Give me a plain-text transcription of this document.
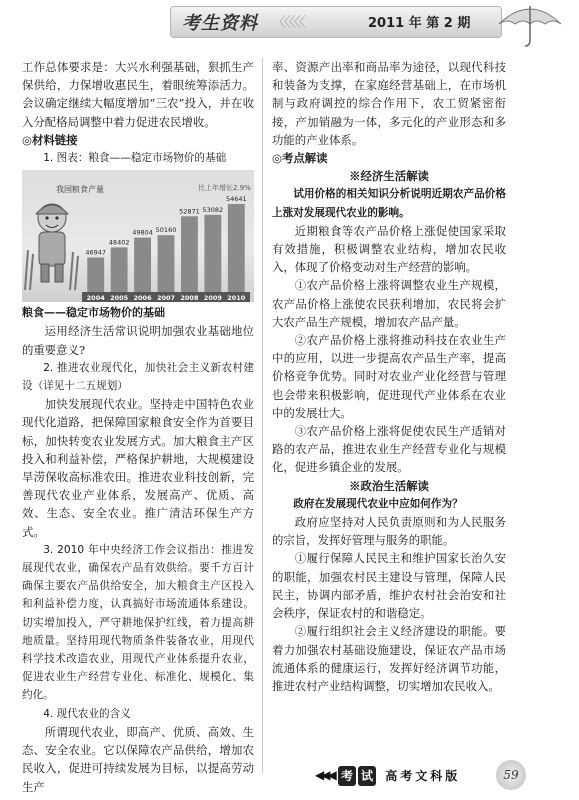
考生资料 〈〈〈〈〈	2011 年 第 2 期

工作总体要求是：大兴水利强基础，狠抓生产保供给，力保增收惠民生，着眼统筹添活力。会议确定继续大幅度增加“三农”投入，并在收入分配格局调整中着力促进农民增收。

◎材料链接

1. 图表：粮食——稳定市场物价的基础

我国粮食产量	比上年增长2.9%
46947
2004
48402
2005
49804
2006
50160
2007
52871
2008
53082
2009
54641
2010

粮食——稳定市场物价的基础

运用经济生活常识说明加强农业基础地位的重要意义?

2. 推进农业现代化，加快社会主义新农村建设（详见十二五规划）

加快发展现代农业。坚持走中国特色农业现代化道路，把保障国家粮食安全作为首要目标，加快转变农业发展方式。加大粮食主产区投入和利益补偿，严格保护耕地，大规模建设旱涝保收高标准农田。推进农业科技创新，完善现代农业产业体系，发展高产、优质、高效、生态、安全农业。推广清洁环保生产方式。

3. 2010 年中央经济工作会议指出：推进发展现代农业，确保农产品有效供给。要千方百计确保主要农产品供给安全，加大粮食主产区投入和利益补偿力度，认真搞好市场流通体系建设。切实增加投入，严守耕地保护红线，着力提高耕地质量。坚持用现代物质条件装备农业，用现代科学技术改造农业，用现代产业体系提升农业，促进农业生产经营专业化、标准化、规模化、集约化。

4. 现代农业的含义

所谓现代农业，即高产、优质、高效、生态、安全农业。它以保障农产品供给，增加农民收入，促进可持续发展为目标，以提高劳动生产

率、资源产出率和商品率为途径，以现代科技和装备为支撑，在家庭经营基础上，在市场机制与政府调控的综合作用下，农工贸紧密衔接，产加销融为一体，多元化的产业形态和多功能的产业体系。

◎考点解读

※经济生活解读

试用价格的相关知识分析说明近期农产品价格上涨对发展现代农业的影响。

近期粮食等农产品价格上涨促使国家采取有效措施，积极调整农业结构，增加农民收入，体现了价格变动对生产经营的影响。

①农产品价格上涨将调整农业生产规模，农产品价格上涨使农民获利增加，农民将会扩大农产品生产规模，增加农产品产量。

②农产品价格上涨将推动科技在农业生产中的应用，以进一步提高农产品生产率，提高价格竞争优势。同时对农业产业化经营与管理也会带来积极影响，促进现代产业体系在农业中的发展壮大。

③农产品价格上涨将促使农民生产适销对路的农产品，推进农业生产经营专业化与规模化，促进乡镇企业的发展。

※政治生活解读

政府在发展现代农业中应如何作为？

政府应坚持对人民负责原则和为人民服务的宗旨，发挥好管理与服务的职能。

①履行保障人民民主和维护国家长治久安的职能，加强农村民主建设与管理，保障人民民主，协调内部矛盾，维护农村社会治安和社会秩序，保证农村的和谐稳定。

②履行组织社会主义经济建设的职能。要着力加强农村基础设施建设，保证农产品市场流通体系的健康运行，发挥好经济调节功能，推进农村产业结构调整，切实增加农民收入。

◀◀◀ 考 试 高考文科版	59
